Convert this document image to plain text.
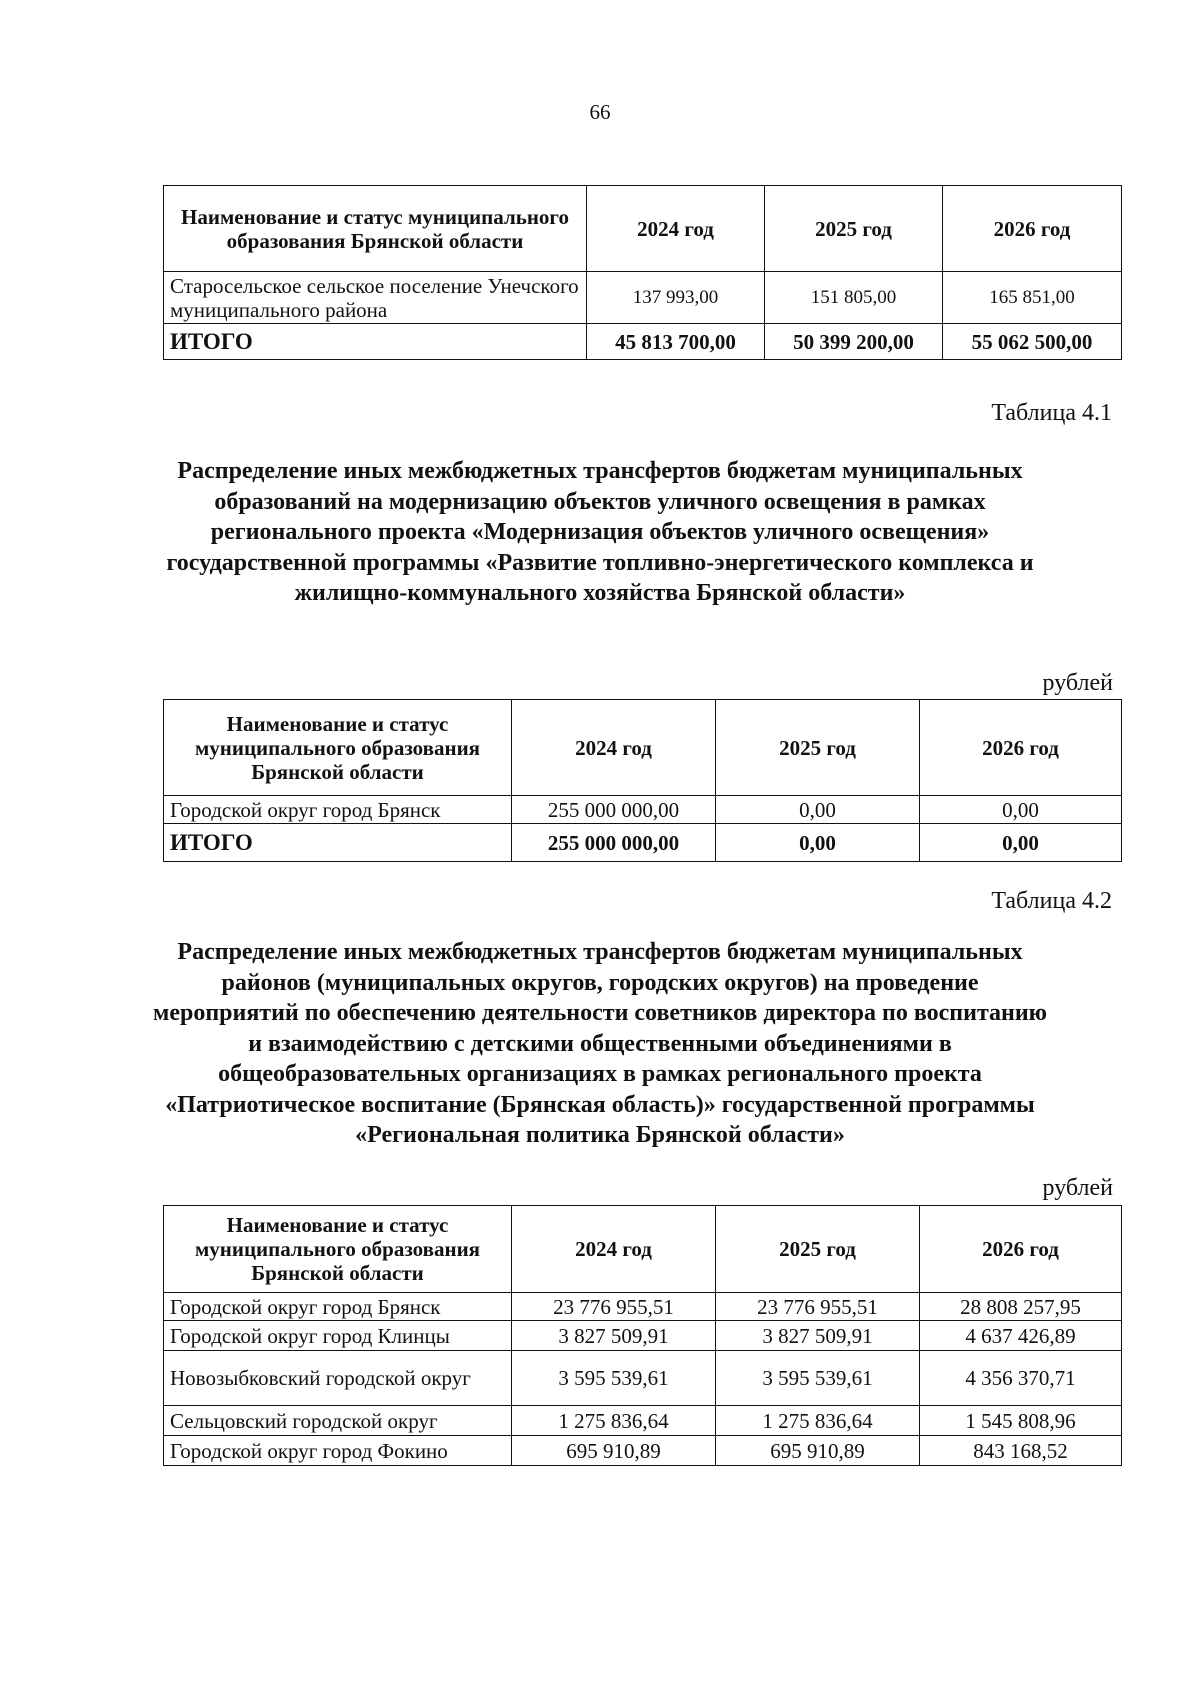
66
Наименование и статус муниципального образования Брянской области	2024 год	2025 год	2026 год
Старосельское сельское поселение Унечского муниципального района	137 993,00	151 805,00	165 851,00
ИТОГО	45 813 700,00	50 399 200,00	55 062 500,00
Таблица 4.1
Распределение иных межбюджетных трансфертов бюджетам муниципальных образований на модернизацию объектов уличного освещения в рамках регионального проекта «Модернизация объектов уличного освещения» государственной программы «Развитие топливно-энергетического комплекса и жилищно-коммунального хозяйства Брянской области»
рублей
Наименование и статус муниципального образования Брянской области	2024 год	2025 год	2026 год
Городской округ город Брянск	255 000 000,00	0,00	0,00
ИТОГО	255 000 000,00	0,00	0,00
Таблица 4.2
Распределение иных межбюджетных трансфертов бюджетам муниципальных районов (муниципальных округов, городских округов) на проведение мероприятий по обеспечению деятельности советников директора по воспитанию и взаимодействию с детскими общественными объединениями в общеобразовательных организациях в рамках регионального проекта «Патриотическое воспитание (Брянская область)» государственной программы «Региональная политика Брянской области»
рублей
Наименование и статус муниципального образования Брянской области	2024 год	2025 год	2026 год
Городской округ город Брянск	23 776 955,51	23 776 955,51	28 808 257,95
Городской округ город Клинцы	3 827 509,91	3 827 509,91	4 637 426,89
Новозыбковский городской округ	3 595 539,61	3 595 539,61	4 356 370,71
Сельцовский городской округ	1 275 836,64	1 275 836,64	1 545 808,96
Городской округ город Фокино	695 910,89	695 910,89	843 168,52
